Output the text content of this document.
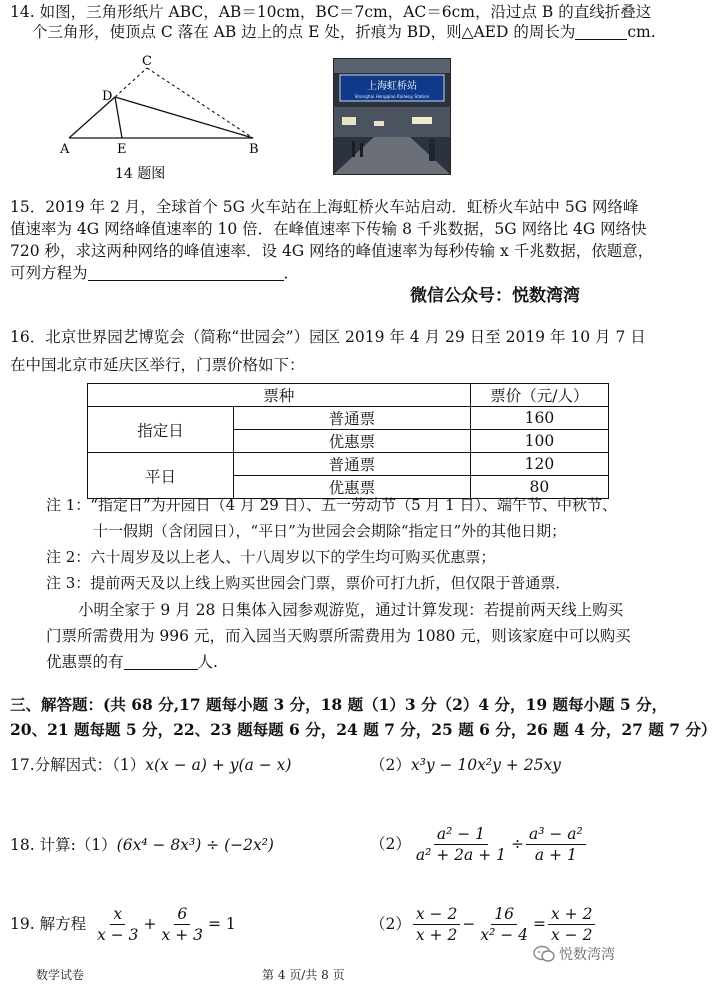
14. 如图，三角形纸片 ABC，AB＝10cm，BC＝7cm，AC＝6cm，沿过点 B 的直线折叠这
个三角形，使顶点 C 落在 AB 边上的点 E 处，折痕为 BD，则△AED 的周长为	cm.
C
D
A	E	B
14 题图
上海虹桥站
Shanghai Hongqiao Railway Station
15．2019 年 2 月，全球首个 5G 火车站在上海虹桥火车站启动．虹桥火车站中 5G 网络峰
值速率为 4G 网络峰值速率的 10 倍．在峰值速率下传输 8 千兆数据，5G 网络比 4G 网络快
720 秒，求这两种网络的峰值速率．设 4G 网络的峰值速率为每秒传输 x 千兆数据，依题意，
可列方程为	．
微信公众号：悦数湾湾
16．北京世界园艺博览会（简称“世园会”）园区 2019 年 4 月 29 日至 2019 年 10 月 7 日
在中国北京市延庆区举行，门票价格如下：
票种		票价（元/人）
指定日	普通票	160
	优惠票	100
平日	普通票	120
	优惠票	80
注 1：“指定日”为开园日（4 月 29 日）、五一劳动节（5 月 1 日）、端午节、中秋节、
十一假期（含闭园日），“平日”为世园会会期除“指定日”外的其他日期；
注 2：六十周岁及以上老人、十八周岁以下的学生均可购买优惠票；
注 3：提前两天及以上线上购买世园会门票，票价可打九折，但仅限于普通票．
小明全家于 9 月 28 日集体入园参观游览，通过计算发现：若提前两天线上购买
门票所需费用为 996 元，而入园当天购票所需费用为 1080 元，则该家庭中可以购买
优惠票的有	人.
三、解答题：(共 68 分,17 题每小题 3 分，18 题（1）3 分（2）4 分，19 题每小题 5 分，
20、21 题每题 5 分，22、23 题每题 6 分，24 题 7 分，25 题 6 分，26 题 4 分，27 题 7 分）
17.分解因式：（1）x(x − a) + y(a − x)	（2）x³y − 10x²y + 25xy
18. 计算:（1）(6x⁴ − 8x³) ÷ (−2x²)	$(2) \frac{\text{a² − 1}}{\text{a² + 2a + 1}} \div \frac{\text{a³ − a²}}{a + 1}$
19. 解方程 $\frac{x}{x - 3} + \frac{6}{x + 3} = 1$	$(2) \frac{x - 2}{x + 2} - \frac{16}{\text{x² − 4}} = \frac{x + 2}{x - 2}$
数学试卷	第 4 页/共 8 页
悦数湾湾
